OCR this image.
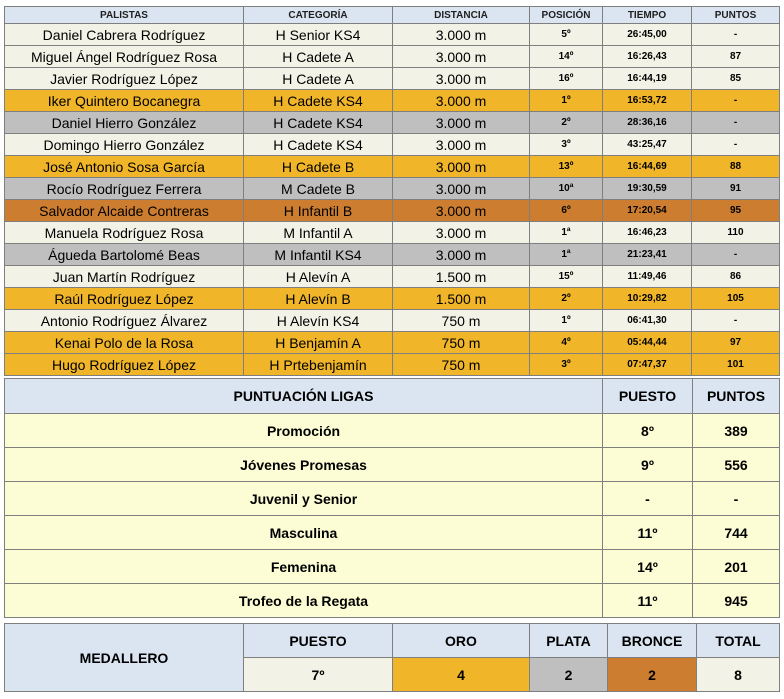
PALISTAS	CATEGORÍA	DISTANCIA	POSICIÓN	TIEMPO	PUNTOS
Daniel Cabrera Rodríguez	H Senior KS4	3.000 m	5º	26:45,00	-
Miguel Ángel Rodríguez Rosa	H Cadete A	3.000 m	14º	16:26,43	87
Javier Rodríguez López	H Cadete A	3.000 m	16º	16:44,19	85
Iker Quintero Bocanegra	H Cadete KS4	3.000 m	1º	16:53,72	-
Daniel Hierro González	H Cadete KS4	3.000 m	2º	28:36,16	-
Domingo Hierro González	H Cadete KS4	3.000 m	3º	43:25,47	-
José Antonio Sosa García	H Cadete B	3.000 m	13º	16:44,69	88
Rocío Rodríguez Ferrera	M Cadete B	3.000 m	10ª	19:30,59	91
Salvador Alcaide Contreras	H Infantil B	3.000 m	6º	17:20,54	95
Manuela Rodríguez Rosa	M Infantil A	3.000 m	1ª	16:46,23	110
Águeda Bartolomé Beas	M Infantil KS4	3.000 m	1ª	21:23,41	-
Juan Martín Rodríguez	H Alevín A	1.500 m	15º	11:49,46	86
Raúl Rodríguez López	H Alevín B	1.500 m	2º	10:29,82	105
Antonio Rodríguez Álvarez	H Alevín KS4	750 m	1º	06:41,30	-
Kenai Polo de la Rosa	H Benjamín A	750 m	4º	05:44,44	97
Hugo Rodríguez López	H Prtebenjamín	750 m	3º	07:47,37	101
PUNTUACIÓN LIGAS	PUESTO	PUNTOS
Promoción	8º	389
Jóvenes Promesas	9º	556
Juvenil y Senior	-	-
Masculina	11º	744
Femenina	14º	201
Trofeo de la Regata	11º	945
MEDALLERO	PUESTO	ORO	PLATA	BRONCE	TOTAL
	7º	4	2	2	8
